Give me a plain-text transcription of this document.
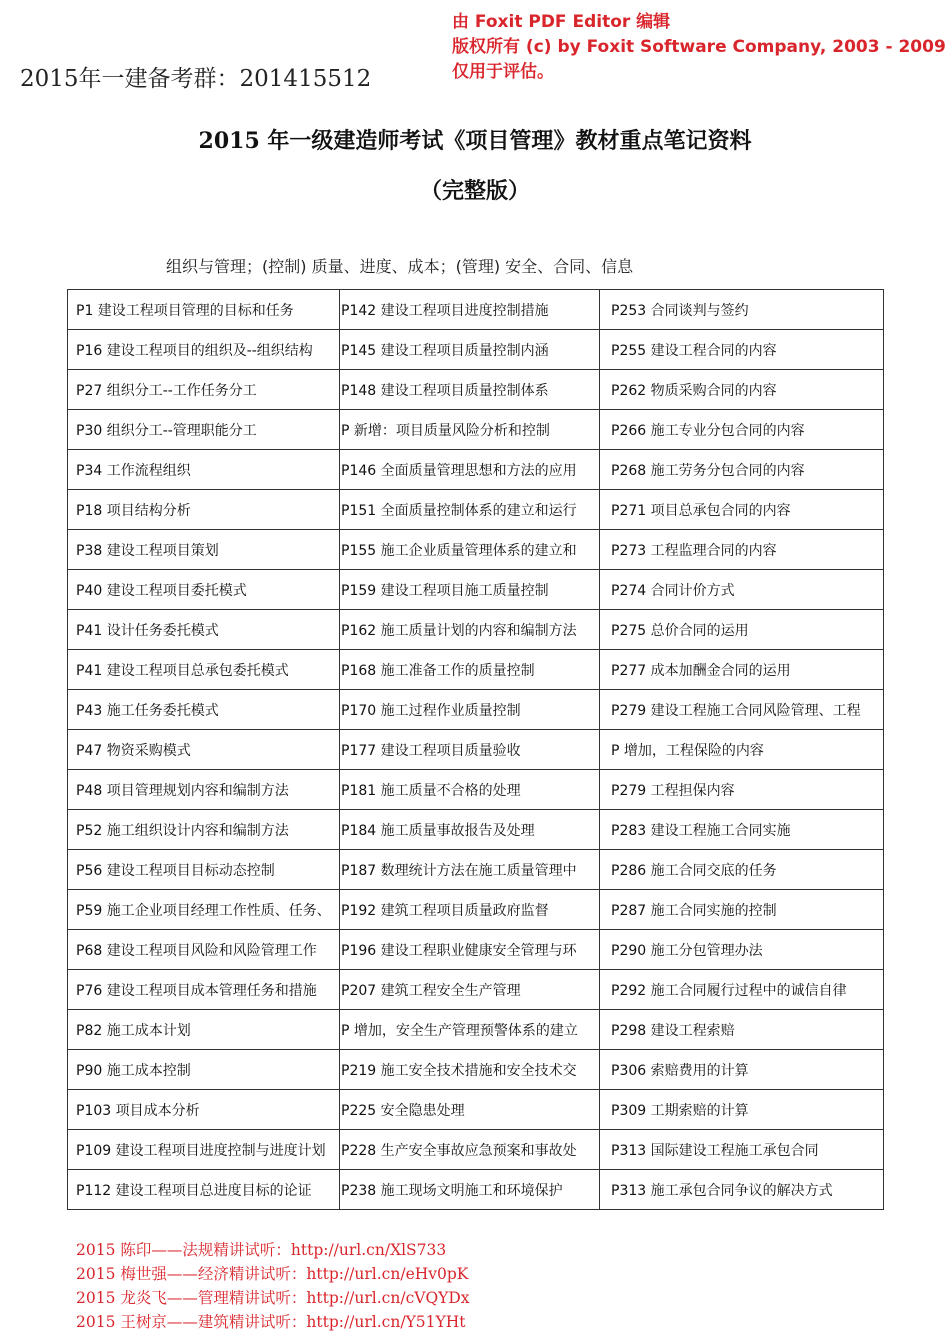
2015年一建备考群：201415512
由 Foxit PDF Editor 编辑
版权所有 (c) by Foxit Software Company, 2003 - 2009
仅用于评估。
2015 年一级建造师考试《项目管理》教材重点笔记资料
（完整版）
组织与管理；(控制) 质量、进度、成本；(管理) 安全、合同、信息
P1 建设工程项目管理的目标和任务	P142 建设工程项目进度控制措施	P253 合同谈判与签约
P16 建设工程项目的组织及--组织结构	P145 建设工程项目质量控制内涵	P255 建设工程合同的内容
P27 组织分工--工作任务分工	P148 建设工程项目质量控制体系	P262 物质采购合同的内容
P30 组织分工--管理职能分工	P 新增：项目质量风险分析和控制	P266 施工专业分包合同的内容
P34 工作流程组织	P146 全面质量管理思想和方法的应用	P268 施工劳务分包合同的内容
P18 项目结构分析	P151 全面质量控制体系的建立和运行	P271 项目总承包合同的内容
P38 建设工程项目策划	P155 施工企业质量管理体系的建立和	P273 工程监理合同的内容
P40 建设工程项目委托模式	P159 建设工程项目施工质量控制	P274 合同计价方式
P41 设计任务委托模式	P162 施工质量计划的内容和编制方法	P275 总价合同的运用
P41 建设工程项目总承包委托模式	P168 施工准备工作的质量控制	P277 成本加酬金合同的运用
P43 施工任务委托模式	P170 施工过程作业质量控制	P279 建设工程施工合同风险管理、工程
P47 物资采购模式	P177 建设工程项目质量验收	P 增加，工程保险的内容
P48 项目管理规划内容和编制方法	P181 施工质量不合格的处理	P279 工程担保内容
P52 施工组织设计内容和编制方法	P184 施工质量事故报告及处理	P283 建设工程施工合同实施
P56 建设工程项目目标动态控制	P187 数理统计方法在施工质量管理中	P286 施工合同交底的任务
P59 施工企业项目经理工作性质、任务、	P192 建筑工程项目质量政府监督	P287 施工合同实施的控制
P68 建设工程项目风险和风险管理工作	P196 建设工程职业健康安全管理与环	P290 施工分包管理办法
P76 建设工程项目成本管理任务和措施	P207 建筑工程安全生产管理	P292 施工合同履行过程中的诚信自律
P82 施工成本计划	P 增加，安全生产管理预警体系的建立	P298 建设工程索赔
P90 施工成本控制	P219 施工安全技术措施和安全技术交	P306 索赔费用的计算
P103 项目成本分析	P225 安全隐患处理	P309 工期索赔的计算
P109 建设工程项目进度控制与进度计划	P228 生产安全事故应急预案和事故处	P313 国际建设工程施工承包合同
P112 建设工程项目总进度目标的论证	P238 施工现场文明施工和环境保护	P313 施工承包合同争议的解决方式
2015 陈印——法规精讲试听：http://url.cn/XlS733
2015 梅世强——经济精讲试听：http://url.cn/eHv0pK
2015 龙炎飞——管理精讲试听：http://url.cn/cVQYDx
2015 王树京——建筑精讲试听：http://url.cn/Y51YHt
